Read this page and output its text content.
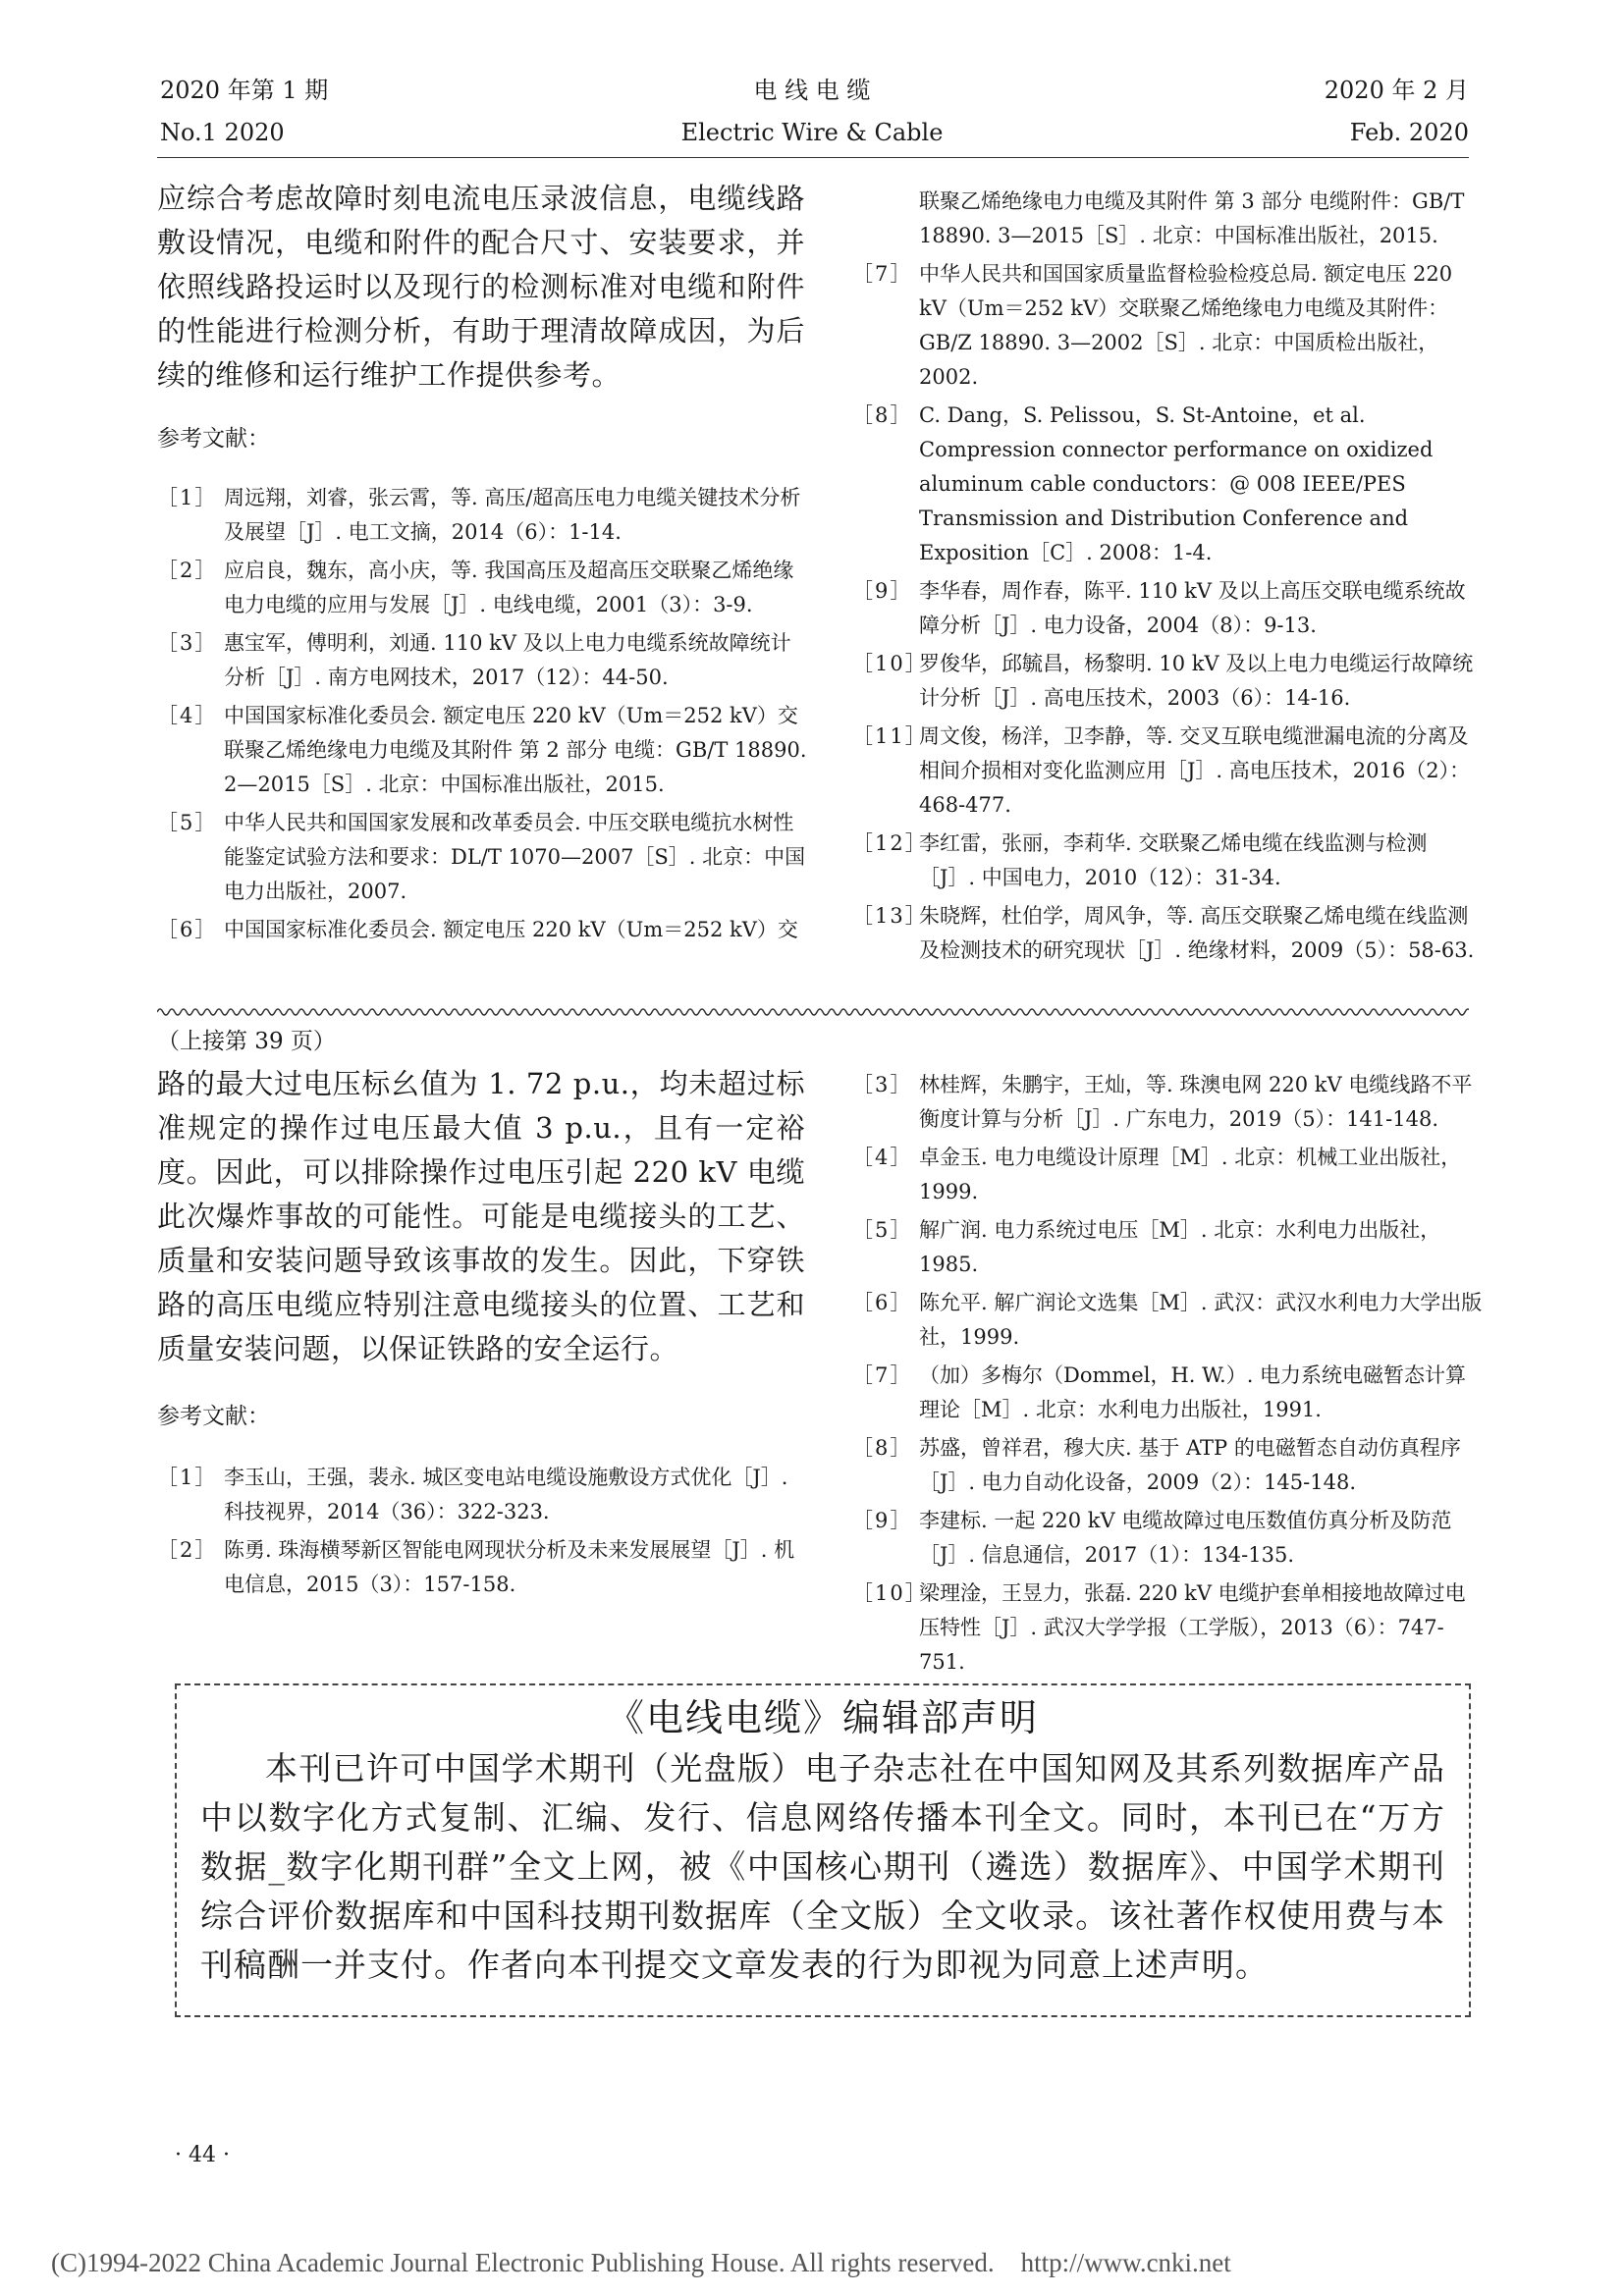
2020 年第 1 期
No.1 2020
电 线 电 缆
Electric Wire & Cable
2020 年 2 月
Feb. 2020

应综合考虑故障时刻电流电压录波信息，电缆线路敷设情况，电缆和附件的配合尺寸、安装要求，并依照线路投运时以及现行的检测标准对电缆和附件的性能进行检测分析，有助于理清故障成因，为后续的维修和运行维护工作提供参考。

参考文献：
［1］ 周远翔，刘睿，张云霄，等. 高压/超高压电力电缆关键技术分析及展望［J］. 电工文摘，2014（6）：1-14.
［2］ 应启良，魏东，高小庆，等. 我国高压及超高压交联聚乙烯绝缘电力电缆的应用与发展［J］. 电线电缆，2001（3）：3-9.
［3］ 惠宝军，傅明利，刘通. 110 kV 及以上电力电缆系统故障统计分析［J］. 南方电网技术，2017（12）：44-50.
［4］ 中国国家标准化委员会. 额定电压 220 kV（Um＝252 kV）交联聚乙烯绝缘电力电缆及其附件 第 2 部分 电缆：GB/T 18890. 2—2015［S］. 北京：中国标准出版社，2015.
［5］ 中华人民共和国国家发展和改革委员会. 中压交联电缆抗水树性能鉴定试验方法和要求：DL/T 1070—2007［S］. 北京：中国电力出版社，2007.
［6］ 中国国家标准化委员会. 额定电压 220 kV（Um＝252 kV）交
联聚乙烯绝缘电力电缆及其附件 第 3 部分 电缆附件：GB/T 18890. 3—2015［S］. 北京：中国标准出版社，2015.
［7］ 中华人民共和国国家质量监督检验检疫总局. 额定电压 220 kV（Um＝252 kV）交联聚乙烯绝缘电力电缆及其附件：GB/Z 18890. 3—2002［S］. 北京：中国质检出版社，2002.
［8］ C. Dang，S. Pelissou，S. St-Antoine，et al. Compression connector performance on oxidized aluminum cable conductors：@ 008 IEEE/PES Transmission and Distribution Conference and Exposition［C］. 2008：1-4.
［9］ 李华春，周作春，陈平. 110 kV 及以上高压交联电缆系统故障分析［J］. 电力设备，2004（8）：9-13.
［10］
罗俊华，邱毓昌，杨黎明. 10 kV 及以上电力电缆运行故障统计分析［J］. 高电压技术，2003（6）：14-16.
［11］
周文俊，杨洋，卫李静，等. 交叉互联电缆泄漏电流的分离及相间介损相对变化监测应用［J］. 高电压技术，2016（2）：468-477.
［12］
李红雷，张丽，李莉华. 交联聚乙烯电缆在线监测与检测［J］. 中国电力，2010（12）：31-34.
［13］
朱晓辉，杜伯学，周风争，等. 高压交联聚乙烯电缆在线监测及检测技术的研究现状［J］. 绝缘材料，2009（5）：58-63.
（上接第 39 页）

路的最大过电压标幺值为 1. 72 p.u.，均未超过标准规定的操作过电压最大值 3 p.u.，且有一定裕度。因此，可以排除操作过电压引起 220 kV 电缆此次爆炸事故的可能性。可能是电缆接头的工艺、质量和安装问题导致该事故的发生。因此，下穿铁路的高压电缆应特别注意电缆接头的位置、工艺和质量安装问题，以保证铁路的安全运行。

参考文献：
［1］ 李玉山，王强，裴永. 城区变电站电缆设施敷设方式优化［J］. 科技视界，2014（36）：322-323.
［2］ 陈勇. 珠海横琴新区智能电网现状分析及未来发展展望［J］. 机电信息，2015（3）：157-158.
［3］ 林桂辉，朱鹏宇，王灿，等. 珠澳电网 220 kV 电缆线路不平衡度计算与分析［J］. 广东电力，2019（5）：141-148.
［4］ 卓金玉. 电力电缆设计原理［M］. 北京：机械工业出版社，1999.
［5］ 解广润. 电力系统过电压［M］. 北京：水利电力出版社，1985.
［6］ 陈允平. 解广润论文选集［M］. 武汉：武汉水利电力大学出版社，1999.
［7］ （加）多梅尔（Dommel，H. W.）. 电力系统电磁暂态计算理论［M］. 北京：水利电力出版社，1991.
［8］ 苏盛，曾祥君，穆大庆. 基于 ATP 的电磁暂态自动仿真程序［J］. 电力自动化设备，2009（2）：145-148.
［9］ 李建标. 一起 220 kV 电缆故障过电压数值仿真分析及防范［J］. 信息通信，2017（1）：134-135.
［10］
梁理淦，王昱力，张磊. 220 kV 电缆护套单相接地故障过电压特性［J］. 武汉大学学报（工学版），2013（6）：747-751.
《电线电缆》编辑部声明
本刊已许可中国学术期刊（光盘版）电子杂志社在中国知网及其系列数据库产品中以数字化方式复制、汇编、发行、信息网络传播本刊全文。同时，本刊已在“万方数据_数字化期刊群”全文上网，被《中国核心期刊（遴选）数据库》、中国学术期刊综合评价数据库和中国科技期刊数据库（全文版）全文收录。该社著作权使用费与本刊稿酬一并支付。作者向本刊提交文章发表的行为即视为同意上述声明。
· 44 ·
(C)1994-2022 China Academic Journal Electronic Publishing House. All rights reserved.    http://www.cnki.net
